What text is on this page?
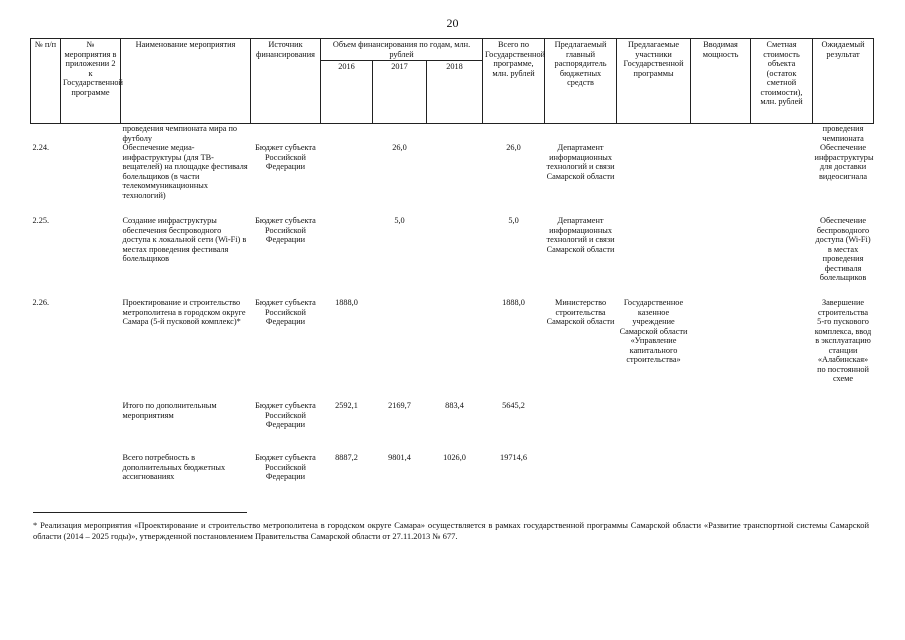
20
№ п/п	№ мероприятия в приложении 2 к Государственной программе	Наименование мероприятия	Источник финансирования	Объем финансирования по годам, млн. рублей			Всего по Государственной программе, млн. рублей	Предлагаемый главный распорядитель бюджетных средств	Предлагаемые участники Государственной программы	Вводимая мощность	Сметная стоимость объекта (остаток сметной стоимости), млн. рублей	Ожидаемый результат
				2016	2017	2018						
		проведения чемпионата мира по футболу										проведения чемпионата
2.24.		Обеспечение медиа-инфраструктуры (для ТВ-вещателей) на площадке фестиваля болельщиков (в части телекоммуникационных технологий)	Бюджет субъекта Российской Федерации		26,0		26,0	Департамент информационных технологий и связи Самарской области				Обеспечение инфраструктуры для доставки видеосигнала
2.25.		Создание инфраструктуры обеспечения беспроводного доступа к локальной сети (Wi-Fi) в местах проведения фестиваля болельщиков	Бюджет субъекта Российской Федерации		5,0		5,0	Департамент информационных технологий и связи Самарской области				Обеспечение беспроводного доступа (Wi-Fi) в местах проведения фестиваля болельщиков
2.26.		Проектирование и строительство метрополитена в городском округе Самара (5-й пусковой комплекс)*	Бюджет субъекта Российской Федерации	1888,0			1888,0	Министерство строительства Самарской области	Государственное казенное учреждение Самарской области «Управление капитального строительства»			Завершение строительства 5-го пускового комплекса, ввод в эксплуатацию станции «Алабинская» по постоянной схеме
		Итого по дополнительным мероприятиям	Бюджет субъекта Российской Федерации	2592,1	2169,7	883,4	5645,2					
		Всего потребность в дополнительных бюджетных ассигнованиях	Бюджет субъекта Российской Федерации	8887,2	9801,4	1026,0	19714,6					
* Реализация мероприятия «Проектирование и строительство метрополитена в городском округе Самара» осуществляется в рамках государственной программы Самарской области «Развитие транспортной системы Самарской области (2014 – 2025 годы)», утвержденной постановлением Правительства Самарской области от 27.11.2013 № 677.
